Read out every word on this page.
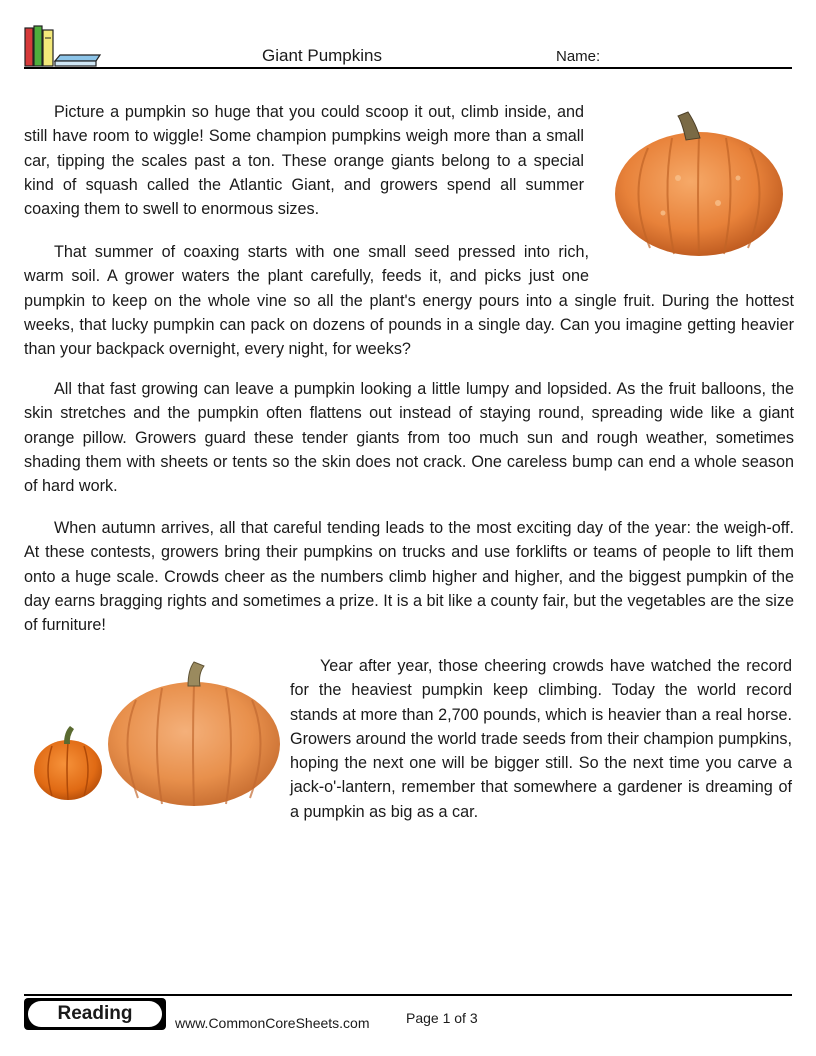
Giant Pumpkins	Name:

Picture a pumpkin so huge that you could scoop it out, climb inside, and still have room to wiggle! Some champion pumpkins weigh more than a small car, tipping the scales past a ton. These orange giants belong to a special kind of squash called the Atlantic Giant, and growers spend all summer coaxing them to swell to enormous sizes.

That summer of coaxing starts with one small seed pressed into rich, warm soil. A grower waters the plant carefully, feeds it, and picks just one pumpkin to keep on the whole vine so all the plant's energy pours into a single fruit. During the hottest weeks, that lucky pumpkin can pack on dozens of pounds in a single day. Can you imagine getting heavier than your backpack overnight, every night, for weeks?

All that fast growing can leave a pumpkin looking a little lumpy and lopsided. As the fruit balloons, the skin stretches and the pumpkin often flattens out instead of staying round, spreading wide like a giant orange pillow. Growers guard these tender giants from too much sun and rough weather, sometimes shading them with sheets or tents so the skin does not crack. One careless bump can end a whole season of hard work.

When autumn arrives, all that careful tending leads to the most exciting day of the year: the weigh-off. At these contests, growers bring their pumpkins on trucks and use forklifts or teams of people to lift them onto a huge scale. Crowds cheer as the numbers climb higher and higher, and the biggest pumpkin of the day earns bragging rights and sometimes a prize. It is a bit like a county fair, but the vegetables are the size of furniture!

Year after year, those cheering crowds have watched the record for the heaviest pumpkin keep climbing. Today the world record stands at more than 2,700 pounds, which is heavier than a real horse. Growers around the world trade seeds from their champion pumpkins, hoping the next one will be bigger still. So the next time you carve a jack-o'-lantern, remember that somewhere a gardener is dreaming of a pumpkin as big as a car.

Reading	www.CommonCoreSheets.com	Page 1 of 3
